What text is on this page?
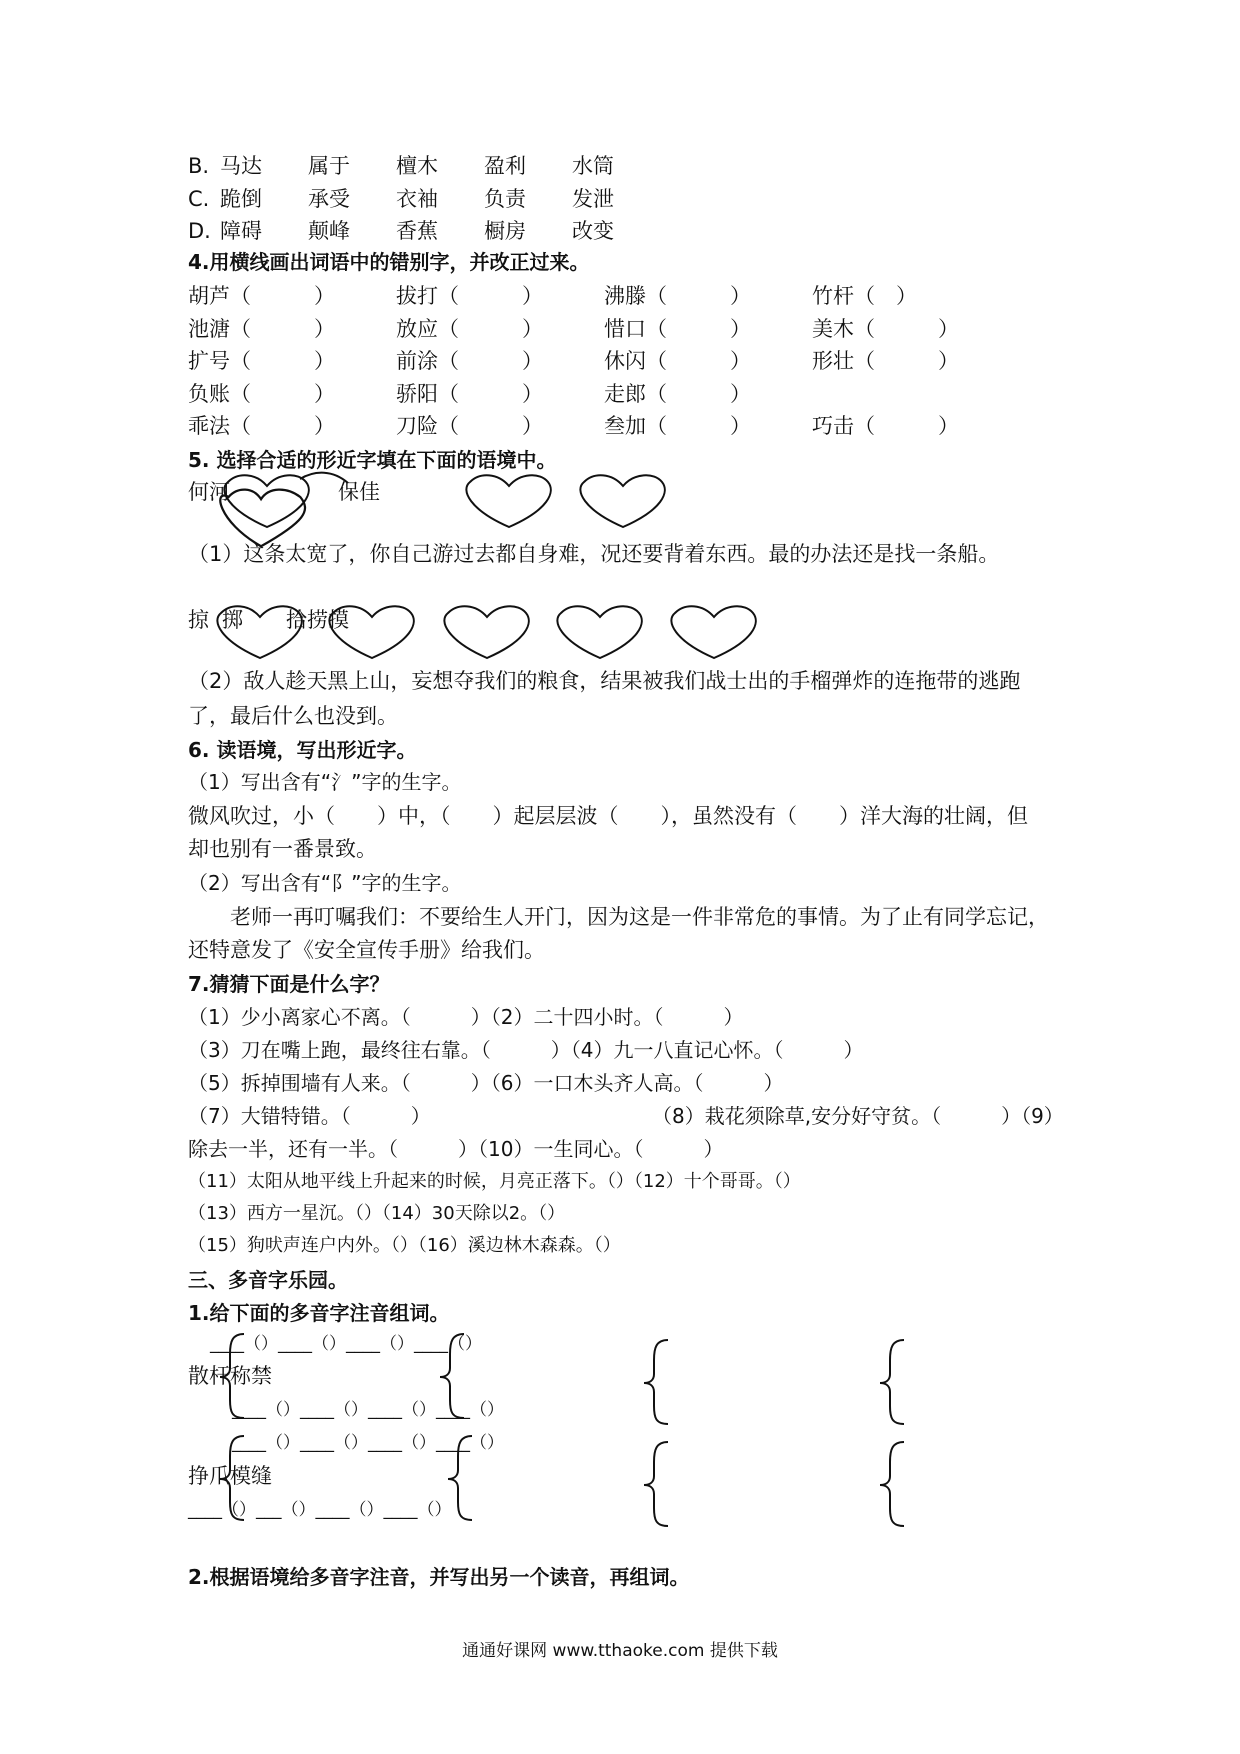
B. 马达 属于 檀木 盈利 水筒
C. 跪倒 承受 衣袖 负责 发泄
D. 障碍 颠峰 香蕉 橱房 改变
4.用横线画出词语中的错别字，并改正过来。
胡芦（　　　）	拔打（　　　）	沸滕（　　　）	竹杆（　）
池溏（　　　）	放应（　　　）	惜口（　　　）	美木（　　　）
扩号（　　　）	前涂（　　　）	休闪（　　　）	形壮（　　　）
负账（　　　）	骄阳（　　　）	走郎（　　　）
乖法（　　　）	刀险（　　　）	叁加（　　　）	巧击（　　　）
5. 选择合适的形近字填在下面的语境中。
何河	保佳
（1）这条太宽了，你自己游过去都自身难，况还要背着东西。最的办法还是找一条船。
掠 掷 拾捞摸
（2）敌人趁天黑上山，妄想夺我们的粮食，结果被我们战士出的手榴弹炸的连拖带的逃跑
了，最后什么也没到。
6. 读语境，写出形近字。
（1）写出含有“氵”字的生字。
微风吹过，小（　　）中，（　　）起层层波（　　），虽然没有（　　）洋大海的壮阔，但
却也别有一番景致。
（2）写出含有“阝”字的生字。
老师一再叮嘱我们：不要给生人开门，因为这是一件非常危的事情。为了止有同学忘记，
还特意发了《安全宣传手册》给我们。
7.猜猜下面是什么字？
（1）少小离家心不离。（　　　）（2）二十四小时。（　　　）
（3）刀在嘴上跑，最终往右靠。（　　　）（4）九一八直记心怀。（　　　）
（5）拆掉围墙有人来。（　　　）（6）一口木头齐人高。（　　　）
（7）大错特错。（　　　）	（8）栽花须除草,安分好守贫。（　　　）（9）
除去一半，还有一半。（　　　）（10）一生同心。（　　　）
（11）太阳从地平线上升起来的时候，月亮正落下。（）（12）十个哥哥。（）
（13）西方一星沉。（）（14）30天除以2。（）
（15）狗吠声连户内外。（）（16）溪边林木森森。（）
三、多音字乐园。
1.给下面的多音字注音组词。
____（）____（）____（）____（）
散杆称禁
____（）____（）____（）____（）
____（）____（）____（）____（）
挣爪模缝
____（）___（）____（）____（）
2.根据语境给多音字注音，并写出另一个读音，再组词。
通通好课网 www.tthaoke.com 提供下载
